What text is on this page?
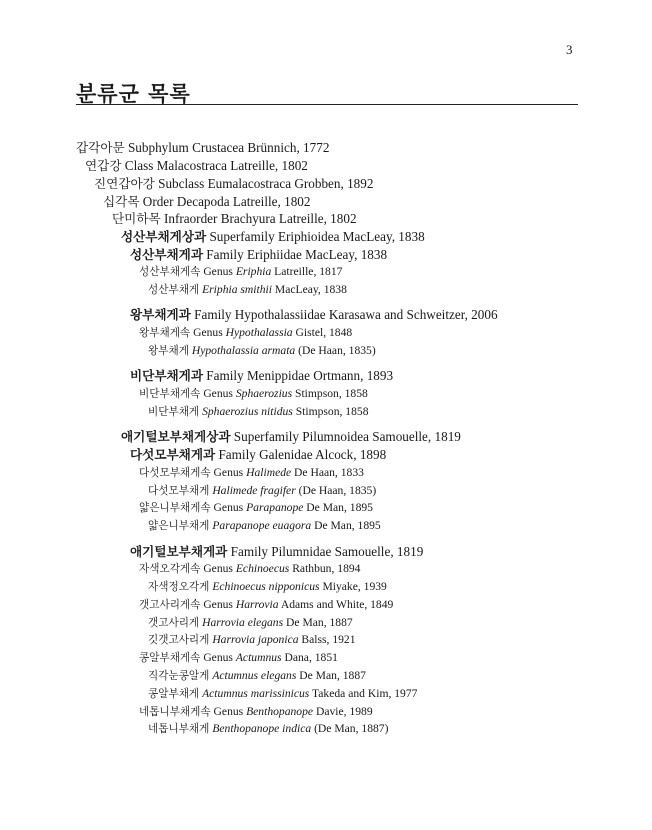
3
분류군 목록
갑각아문 Subphylum Crustacea Brünnich, 1772
연갑강 Class Malacostraca Latreille, 1802
진연갑아강 Subclass Eumalacostraca Grobben, 1892
십각목 Order Decapoda Latreille, 1802
단미하목 Infraorder Brachyura Latreille, 1802
성산부채게상과 Superfamily Eriphioidea MacLeay, 1838
성산부채게과 Family Eriphiidae MacLeay, 1838
성산부채게속 Genus Eriphia Latreille, 1817
성산부채게 Eriphia smithii MacLeay, 1838
왕부채게과 Family Hypothalassiidae Karasawa and Schweitzer, 2006
왕부채게속 Genus Hypothalassia Gistel, 1848
왕부채게 Hypothalassia armata (De Haan, 1835)
비단부채게과 Family Menippidae Ortmann, 1893
비단부채게속 Genus Sphaerozius Stimpson, 1858
비단부채게 Sphaerozius nitidus Stimpson, 1858
애기털보부채게상과 Superfamily Pilumnoidea Samouelle, 1819
다섯모부채게과 Family Galenidae Alcock, 1898
다섯모부채게속 Genus Halimede De Haan, 1833
다섯모부채게 Halimede fragifer (De Haan, 1835)
얇은니부채게속 Genus Parapanope De Man, 1895
얇은니부채게 Parapanope euagora De Man, 1895
애기털보부채게과 Family Pilumnidae Samouelle, 1819
자색오각게속 Genus Echinoecus Rathbun, 1894
자색정오각게 Echinoecus nipponicus Miyake, 1939
갯고사리게속 Genus Harrovia Adams and White, 1849
갯고사리게 Harrovia elegans De Man, 1887
깃갯고사리게 Harrovia japonica Balss, 1921
콩알부채게속 Genus Actumnus Dana, 1851
직각눈콩알게 Actumnus elegans De Man, 1887
콩알부채게 Actumnus marissinicus Takeda and Kim, 1977
네톱니부채게속 Genus Benthopanope Davie, 1989
네톱니부채게 Benthopanope indica (De Man, 1887)
